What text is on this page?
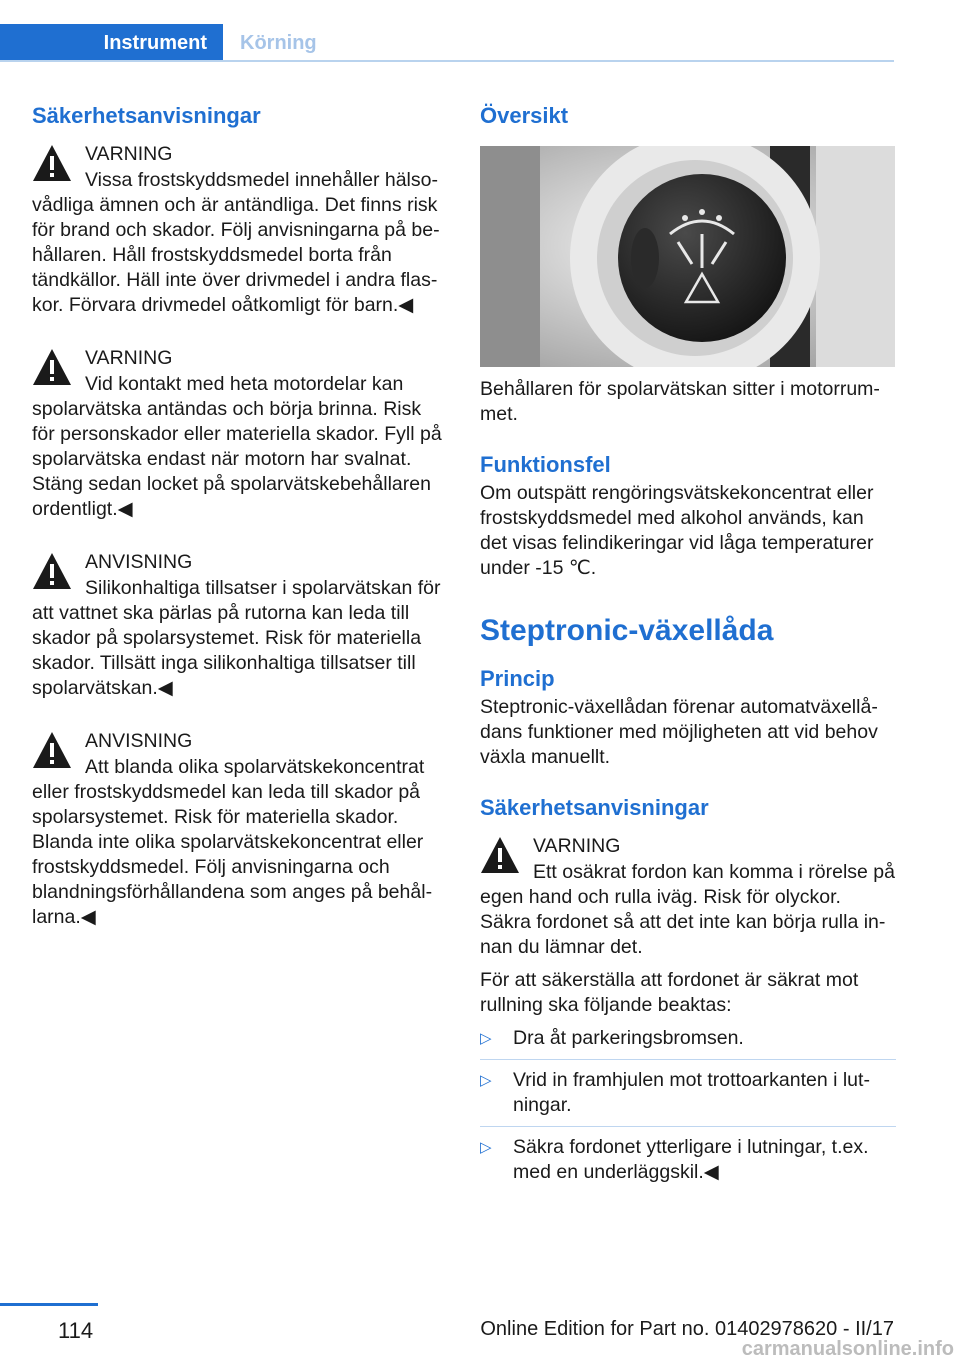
Instrument Körning
Säkerhetsanvisningar
VARNING

Vissa frostskyddsmedel innehåller hälsovådliga ämnen och är antändliga. Det finns risk för brand och skador. Följ anvisningarna på behållaren. Håll frostskyddsmedel borta från tändkällor. Häll inte över drivmedel i andra flaskor. Förvara drivmedel oåtkomligt för barn.◀

VARNING

Vid kontakt med heta motordelar kan spolarvätska antändas och börja brinna. Risk för personskador eller materiella skador. Fyll på spolarvätska endast när motorn har svalnat. Stäng sedan locket på spolarvätskebehållaren ordentligt.◀

ANVISNING

Silikonhaltiga tillsatser i spolarvätskan för att vattnet ska pärlas på rutorna kan leda till skador på spolarsystemet. Risk för materiella skador. Tillsätt inga silikonhaltiga tillsatser till spolarvätskan.◀

ANVISNING

Att blanda olika spolarvätskekoncentrat eller frostskyddsmedel kan leda till skador på spolarsystemet. Risk för materiella skador. Blanda inte olika spolarvätskekoncentrat eller frostskyddsmedel. Följ anvisningarna och blandningsförhållandena som anges på behållarna.◀

Översikt

Behållaren för spolarvätskan sitter i motorrummet.

Funktionsfel

Om outspätt rengöringsvätskekoncentrat eller frostskyddsmedel med alkohol används, kan det visas felindikeringar vid låga temperaturer under -15 ℃.

Steptronic-växellåda
Princip

Steptronic-växellådan förenar automatväxellådans funktioner med möjligheten att vid behov växla manuellt.

Säkerhetsanvisningar
VARNING

Ett osäkrat fordon kan komma i rörelse på egen hand och rulla iväg. Risk för olyckor. Säkra fordonet så att det inte kan börja rulla innan du lämnar det.

För att säkerställa att fordonet är säkrat mot rullning ska följande beaktas:

▷ Dra åt parkeringsbromsen.
▷ Vrid in framhjulen mot trottoarkanten i lutningar.
▷ Säkra fordonet ytterligare i lutningar, t.ex. med en underläggskil.◀
114	Online Edition for Part no. 01402978620 - II/17
carmanualsonline.info
